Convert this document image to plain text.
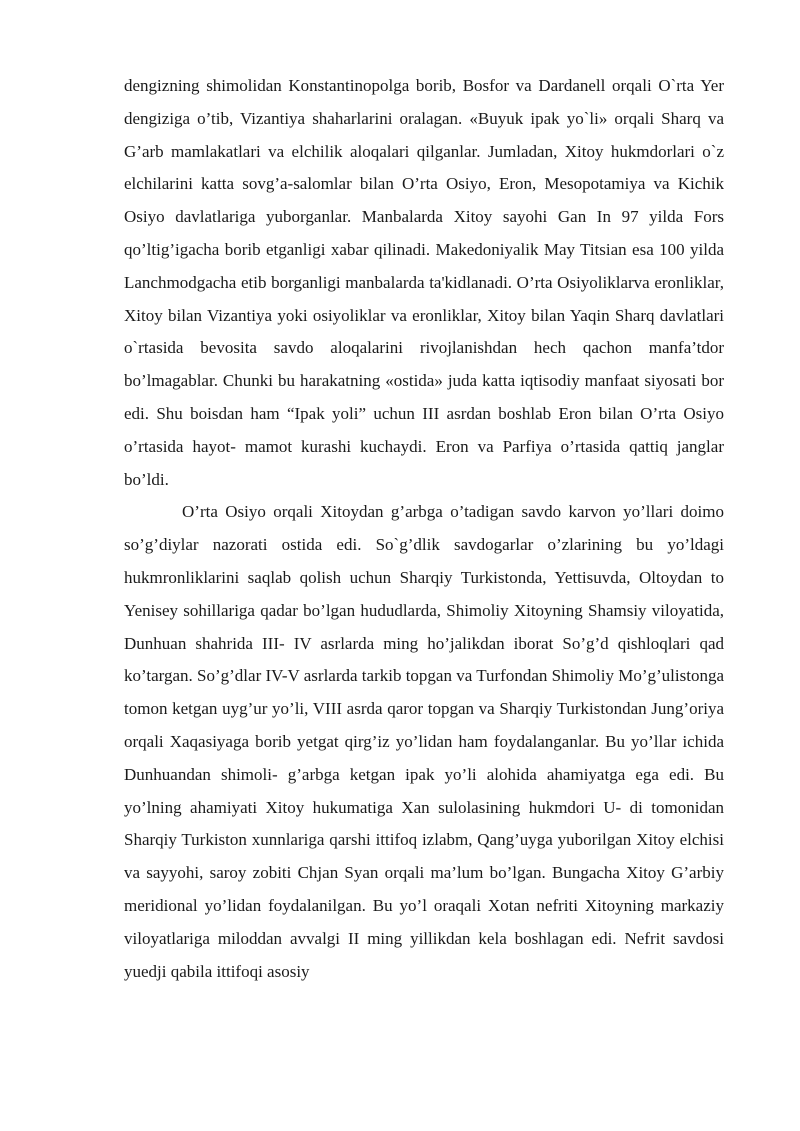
dengizning shimolidan Konstantinopolga borib, Bosfor va Dardanell orqali O`rta Yer dengiziga o’tib, Vizantiya shaharlarini oralagan. «Buyuk ipak yo`li» orqali Sharq va G’arb mamlakatlari va elchilik aloqalari qilganlar. Jumladan, Xitoy hukmdorlari o`z elchilarini katta sovg’a-salomlar bilan O’rta Osiyo, Eron, Mesopotamiya va Kichik Osiyo davlatlariga yuborganlar. Manbalarda Xitoy sayohi Gan In 97 yilda Fors qo’ltig’igacha borib etganligi xabar qilinadi. Makedoniyalik May Titsian esa 100 yilda Lanchmodgacha etib borganligi manbalarda ta'kidlanadi. O’rta Osiyoliklarva eronliklar, Xitoy bilan Vizantiya yoki osiyoliklar va eronliklar, Xitoy bilan Yaqin Sharq davlatlari o`rtasida bevosita savdo aloqalarini rivojlanishdan hech qachon manfa’tdor bo’lmagablar. Chunki bu harakatning «ostida» juda katta iqtisodiy manfaat siyosati bor edi. Shu boisdan ham “Ipak yoli” uchun III asrdan boshlab Eron bilan O’rta Osiyo o’rtasida hayot- mamot kurashi kuchaydi. Eron va Parfiya o’rtasida qattiq janglar bo’ldi.

O’rta Osiyo orqali Xitoydan g’arbga o’tadigan savdo karvon yo’llari doimo so’g’diylar nazorati ostida edi. So`g’dlik savdogarlar o’zlarining bu yo’ldagi hukmronliklarini saqlab qolish uchun Sharqiy Turkistonda, Yettisuvda, Oltoydan to Yenisey sohillariga qadar bo’lgan hududlarda, Shimoliy Xitoyning Shamsiy viloyatida, Dunhuan shahrida III- IV asrlarda ming ho’jalikdan iborat So’g’d qishloqlari qad ko’targan. So’g’dlar IV-V asrlarda tarkib topgan va Turfondan Shimoliy Mo’g’ulistonga tomon ketgan uyg’ur yo’li, VIII asrda qaror topgan va Sharqiy Turkistondan Jung’oriya orqali Xaqasiyaga borib yetgat qirg’iz yo’lidan ham foydalanganlar. Bu yo’llar ichida Dunhuandan shimoli- g’arbga ketgan ipak yo’li alohida ahamiyatga ega edi. Bu yo’lning ahamiyati Xitoy hukumatiga Xan sulolasining hukmdori U- di tomonidan Sharqiy Turkiston xunnlariga qarshi ittifoq izlabm, Qang’uyga yuborilgan Xitoy elchisi va sayyohi, saroy zobiti Chjan Syan orqali ma’lum bo’lgan. Bungacha Xitoy G’arbiy meridional yo’lidan foydalanilgan. Bu yo’l oraqali Xotan nefriti Xitoyning markaziy viloyatlariga miloddan avvalgi II ming yillikdan kela boshlagan edi. Nefrit savdosi yuedji qabila ittifoqi asosiy
